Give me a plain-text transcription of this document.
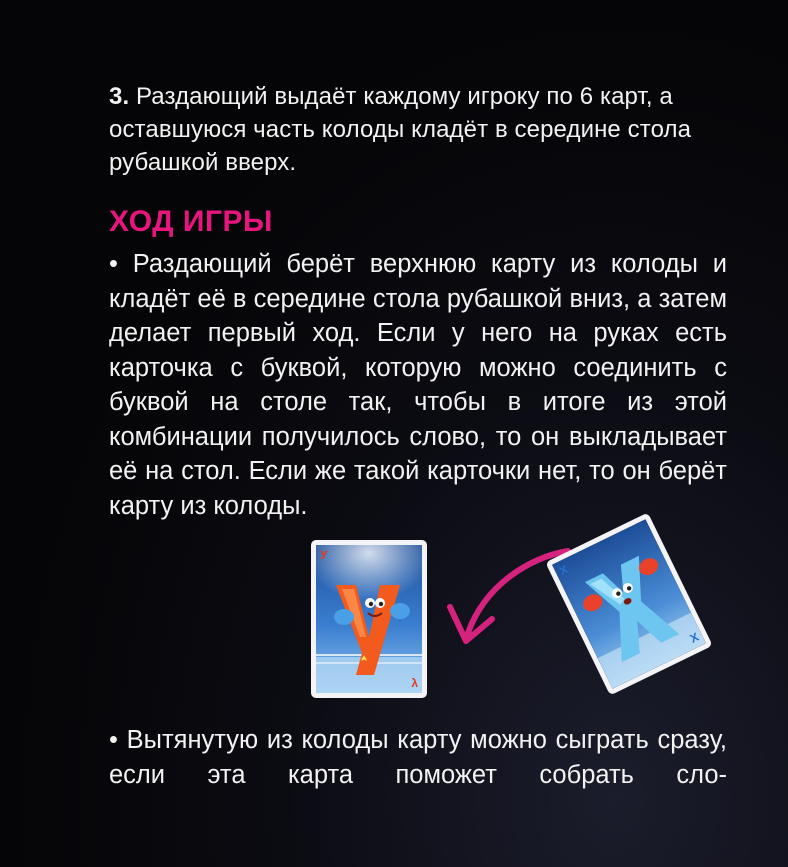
3. Раздающий выдаёт каждому игроку по 6 карт, а оставшуюся часть колоды кладёт в середине стола рубашкой вверх.
ХОД ИГРЫ
• Раздающий берёт верхнюю карту из колоды и кладёт её в середине стола рубашкой вниз, а затем делает первый ход. Если у него на руках есть карточка с буквой, которую можно соединить с буквой на столе так, чтобы в итоге из этой комбинации получилось слово, то он выкладывает её на стол. Если же такой карточки нет, то он берёт карту из колоды.
У
λ
X
X
• Вытянутую из колоды карту можно сыграть сразу, если эта карта поможет собрать сло-
